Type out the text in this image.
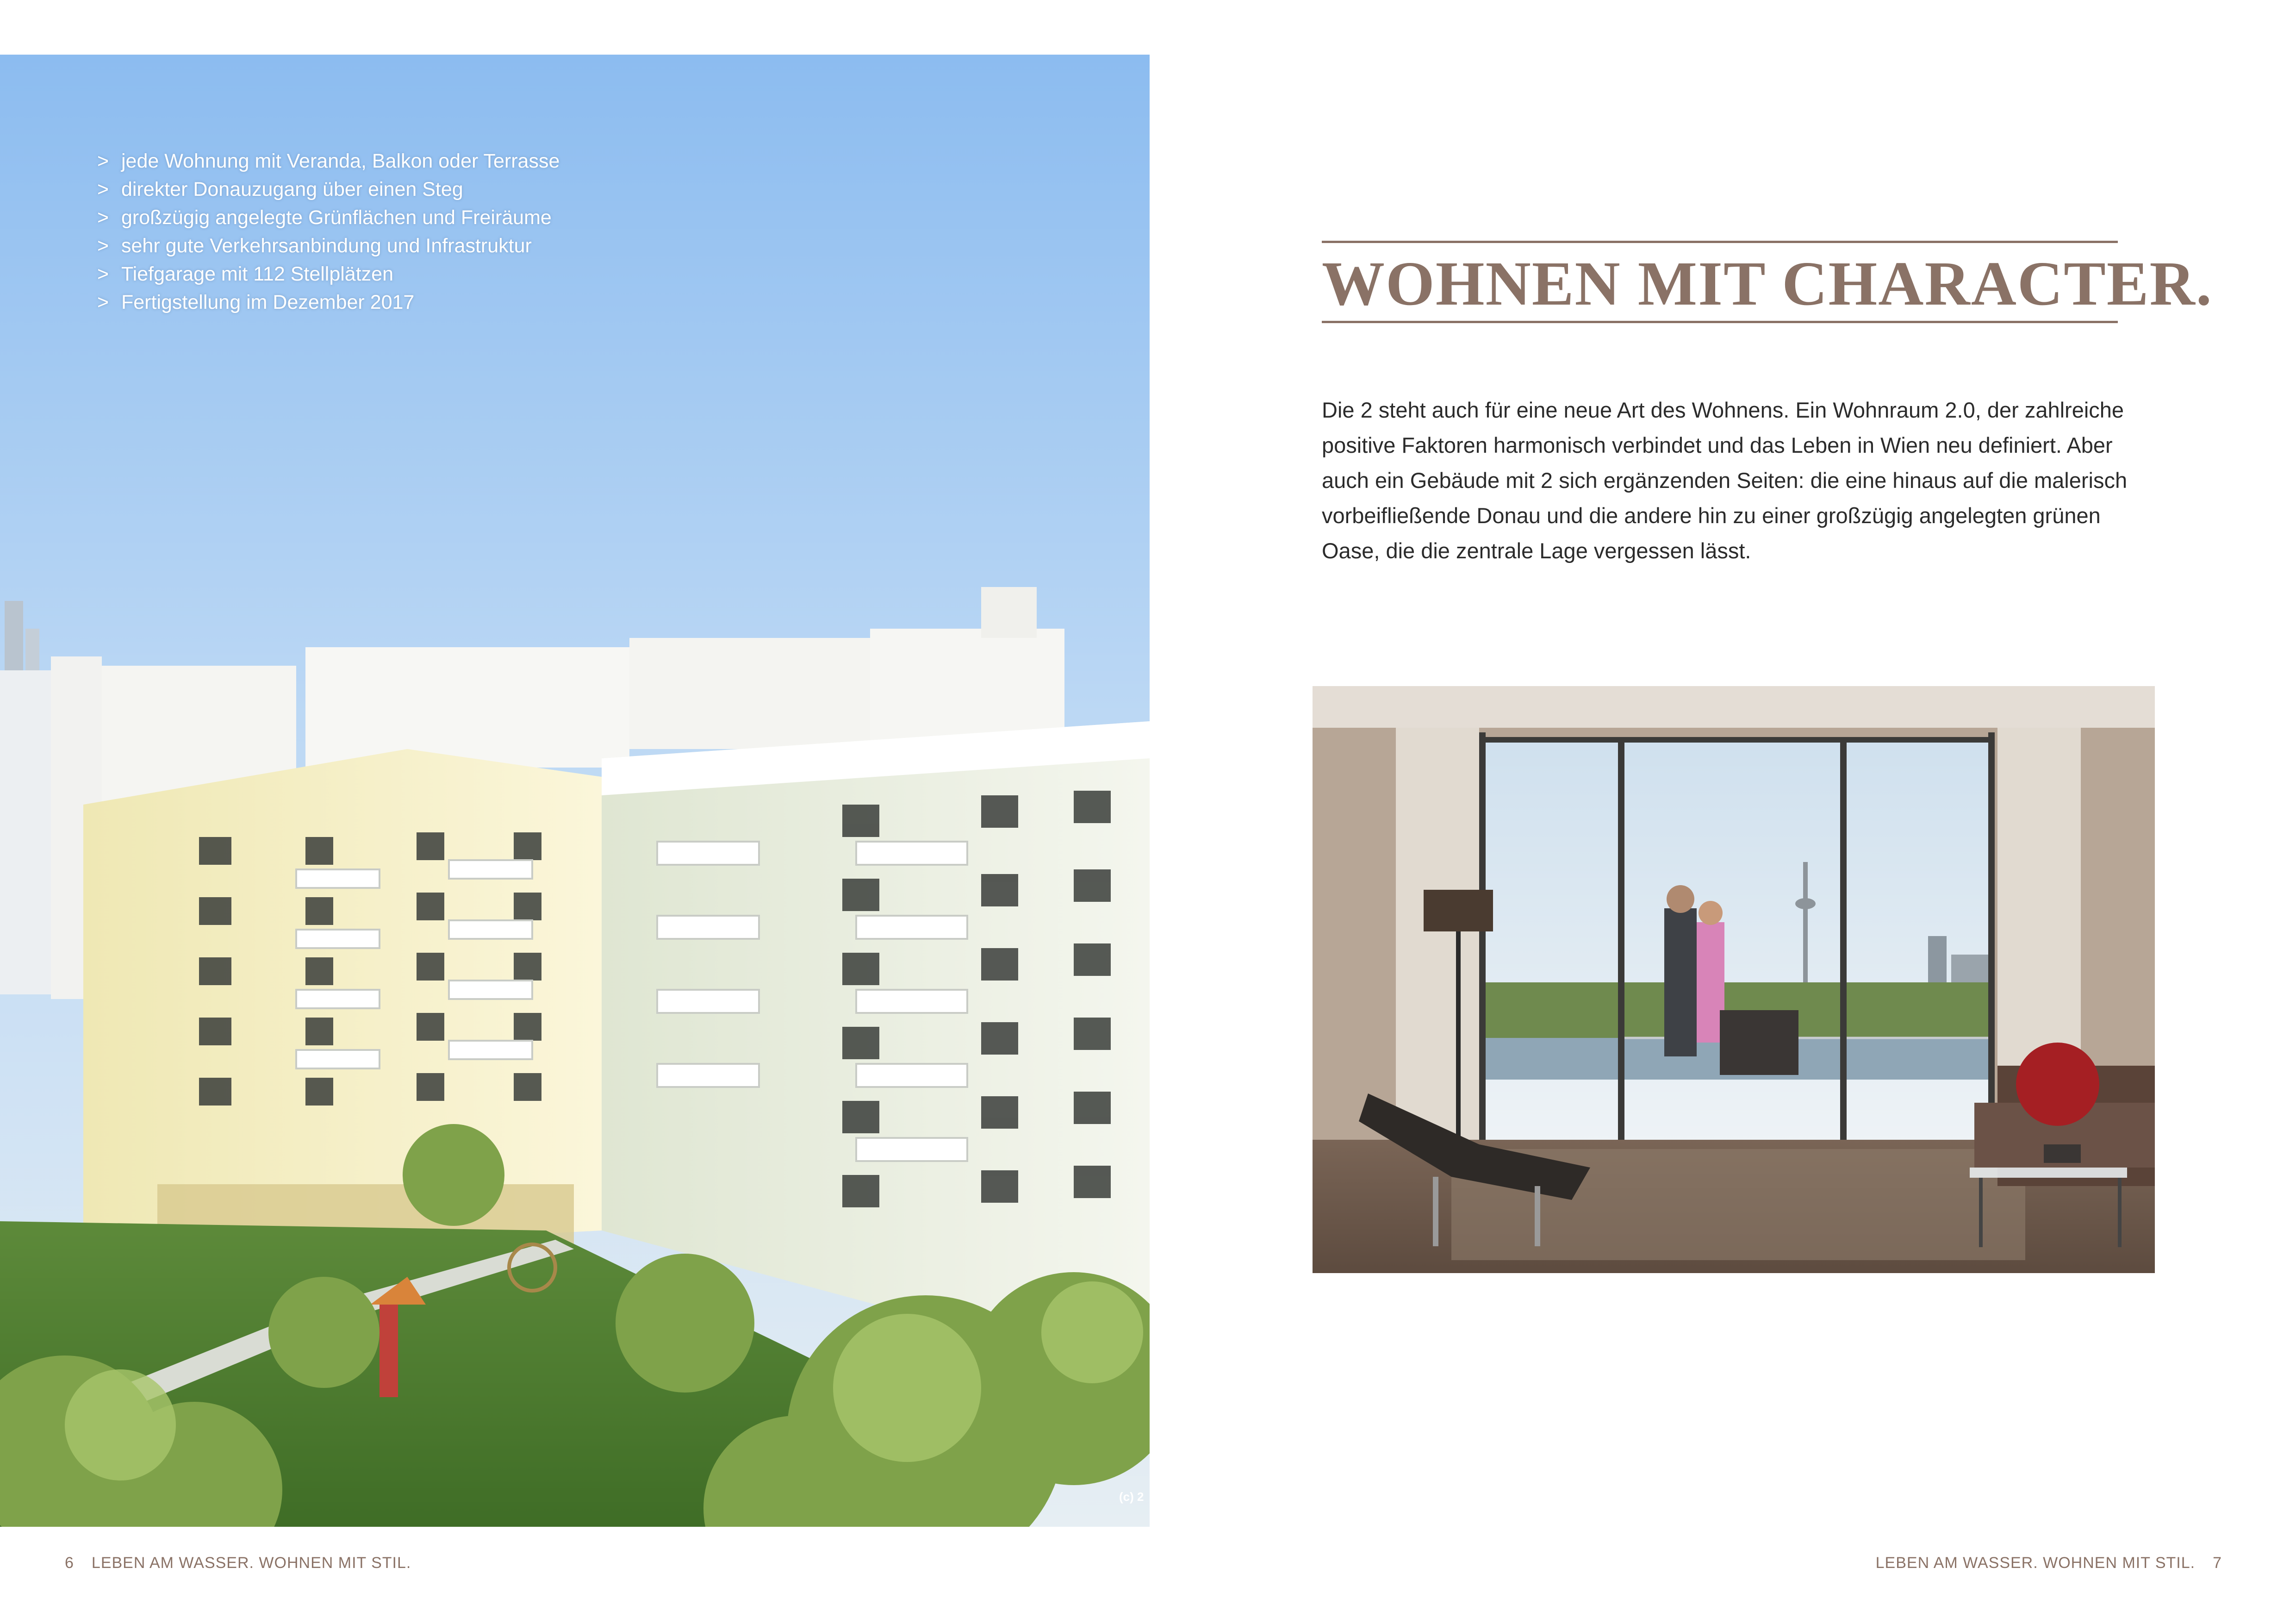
> jede Wohnung mit Veranda, Balkon oder Terrasse
> direkter Donauzugang über einen Steg
> großzügig angelegte Grünflächen und Freiräume
> sehr gute Verkehrsanbindung und Infrastruktur
> Tiefgarage mit 112 Stellplätzen
> Fertigstellung im Dezember 2017
(c) 2
WOHNEN MIT CHARACTER.

Die 2 steht auch für eine neue Art des Wohnens. Ein Wohnraum 2.0, der zahlreiche positive Faktoren harmonisch verbindet und das Leben in Wien neu definiert. Aber auch ein Gebäude mit 2 sich ergänzenden Seiten: die eine hinaus auf die malerisch vorbeifließende Donau und die andere hin zu einer großzügig angelegten grünen Oase, die die zentrale Lage vergessen lässt.

6 LEBEN AM WASSER. WOHNEN MIT STIL.	LEBEN AM WASSER. WOHNEN MIT STIL. 7
